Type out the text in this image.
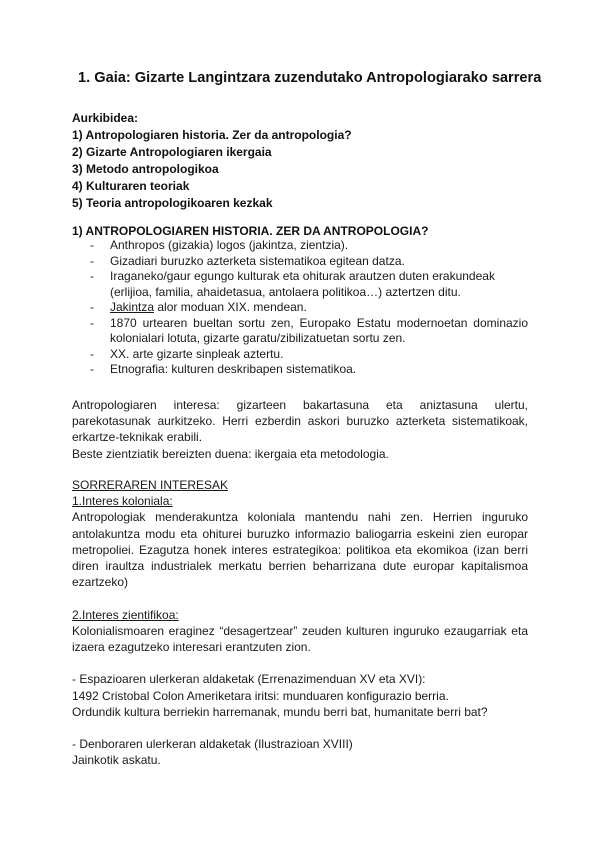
1. Gaia: Gizarte Langintzara zuzendutako Antropologiarako sarrera
Aurkibidea:
1) Antropologiaren historia. Zer da antropologia?
2) Gizarte Antropologiaren ikergaia
3) Metodo antropologikoa
4) Kulturaren teoriak
5) Teoria antropologikoaren kezkak
1) ANTROPOLOGIAREN HISTORIA. ZER DA ANTROPOLOGIA?
- Anthropos (gizakia) logos (jakintza, zientzia).
- Gizadiari buruzko azterketa sistematikoa egitean datza.
- Iraganeko/gaur egungo kulturak eta ohiturak arautzen duten erakundeak (erlijioa, familia, ahaidetasua, antolaera politikoa…) aztertzen ditu.
- Jakintza alor moduan XIX. mendean.
- 1870 urtearen bueltan sortu zen, Europako Estatu modernoetan dominazio kolonialari lotuta, gizarte garatu/zibilizatuetan sortu zen.
- XX. arte gizarte sinpleak aztertu.
- Etnografia: kulturen deskribapen sistematikoa.
Antropologiaren interesa: gizarteen bakartasuna eta aniztasuna ulertu, parekotasunak aurkitzeko. Herri ezberdin askori buruzko azterketa sistematikoak, erkartze-teknikak erabili.
Beste zientziatik bereizten duena: ikergaia eta metodologia.
SORRERAREN INTERESAK
1.Interes koloniala:
Antropologiak menderakuntza koloniala mantendu nahi zen. Herrien inguruko antolakuntza modu eta ohiturei buruzko informazio baliogarria eskeini zien europar metropoliei. Ezagutza honek interes estrategikoa: politikoa eta ekomikoa (izan berri diren iraultza industrialek merkatu berrien beharrizana dute europar kapitalismoa ezartzeko)
2.Interes zientifikoa:
Kolonialismoaren eraginez “desagertzear” zeuden kulturen inguruko ezaugarriak eta izaera ezagutzeko interesari erantzuten zion.
- Espazioaren ulerkeran aldaketak (Errenazimenduan XV eta XVI):
1492 Cristobal Colon Ameriketara iritsi: munduaren konfigurazio berria.
Ordundik kultura berriekin harremanak, mundu berri bat, humanitate berri bat?
- Denboraren ulerkeran aldaketak (Ilustrazioan XVIII)
Jainkotik askatu.
